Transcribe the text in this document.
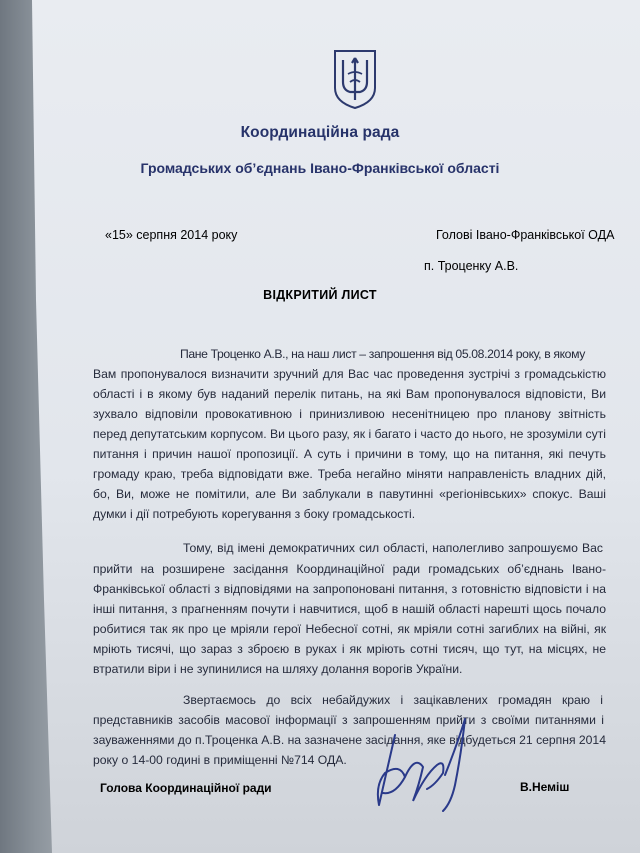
Координаційна рада
Громадських об’єднань Івано-Франківської області
«15» серпня 2014 року	Голові Івано-Франківської ОДА
п. Троценку А.В.
ВІДКРИТИЙ ЛИСТ
Пане Троценко А.В., на наш лист – запрошення від 05.08.2014 року, в якому
Вам пропонувалося визначити зручний для Вас час проведення зустрічі з громадськістю
області і в якому був наданий перелік питань, на які Вам пропонувалося відповісти, Ви
зухвало відповіли провокативною і принизливою несенітницею про плановy звітність
перед депутатським корпусом. Ви цього разу, як і багато і часто до нього, не зрозуміли суті
питання і причин нашої пропозиції. А суть і причини в тому, що на питання, які печуть
громаду краю, треба відповідати вже. Треба негайно міняти направленість владних дій,
бо, Ви, може не помітили, але Ви заблукали в павутинні «регіонівських» спокус. Ваші
думки і дії потребують корегування з боку громадськості.
Тому, від імені демократичних сил області, наполегливо запрошуємо Вас
прийти на розширене засідання Координаційної ради громадських об’єднань Івано-
Франківської області з відповідями на запропоновані питання, з готовністю відповісти і на
інші питання, з прагненням почути і навчитися, щоб в нашій області нарешті щось почало
робитися так як про це мріяли герої Небесної сотні, як мріяли сотні загиблих на війні, як
мріють тисячі, що зараз з зброєю в руках і як мріють сотні тисяч, що тут, на місцях, не
втратили віри і не зупинилися на шляху долання ворогів України.
Звертаємось до всіх небайдужих і зацікавлених громадян краю і
представників засобів масової інформації з запрошенням прийти з своїми питаннями і
зауваженнями до п.Троценка А.В. на зазначене засідання, яке відбудеться 21 серпня 2014
року о 14-00 годині в приміщенні №714 ОДА.
Голова Координаційної ради	В.Неміш
